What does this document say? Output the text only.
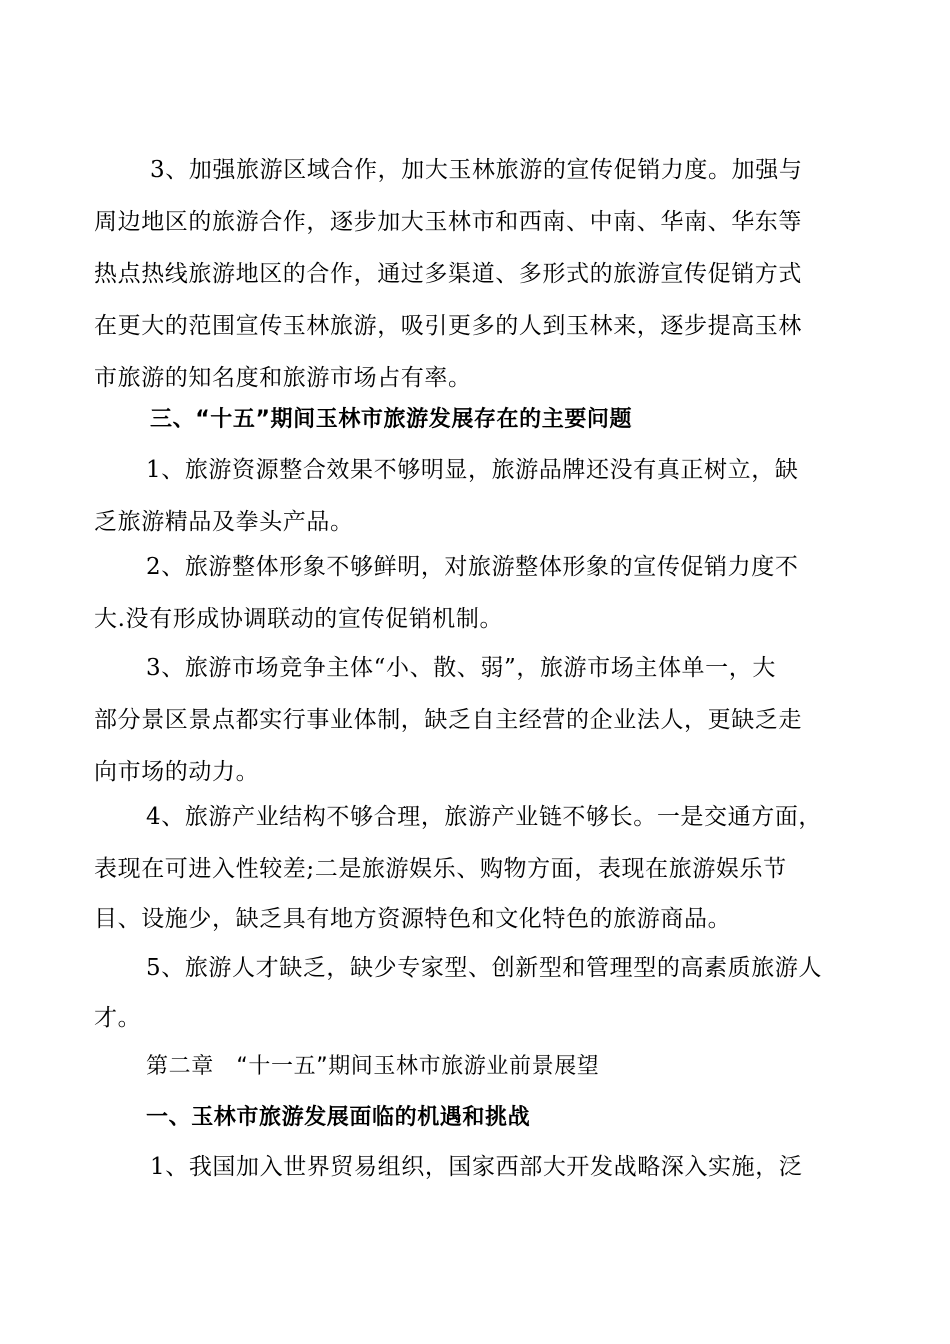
3、加强旅游区域合作，加大玉林旅游的宣传促销力度。加强与
周边地区的旅游合作，逐步加大玉林市和西南、中南、华南、华东等
热点热线旅游地区的合作，通过多渠道、多形式的旅游宣传促销方式
在更大的范围宣传玉林旅游，吸引更多的人到玉林来，逐步提高玉林
市旅游的知名度和旅游市场占有率。
三、“十五”期间玉林市旅游发展存在的主要问题
1、旅游资源整合效果不够明显，旅游品牌还没有真正树立，缺
乏旅游精品及拳头产品。
2、旅游整体形象不够鲜明，对旅游整体形象的宣传促销力度不
大.没有形成协调联动的宣传促销机制。
3、旅游市场竞争主体“小、散、弱”，旅游市场主体单一，大
部分景区景点都实行事业体制，缺乏自主经营的企业法人，更缺乏走
向市场的动力。
4、旅游产业结构不够合理，旅游产业链不够长。一是交通方面，
表现在可进入性较差;二是旅游娱乐、购物方面，表现在旅游娱乐节
目、设施少，缺乏具有地方资源特色和文化特色的旅游商品。
5、旅游人才缺乏，缺少专家型、创新型和管理型的高素质旅游人
才。
第二章　“十一五”期间玉林市旅游业前景展望
一、玉林市旅游发展面临的机遇和挑战
1、我国加入世界贸易组织，国家西部大开发战略深入实施，泛
